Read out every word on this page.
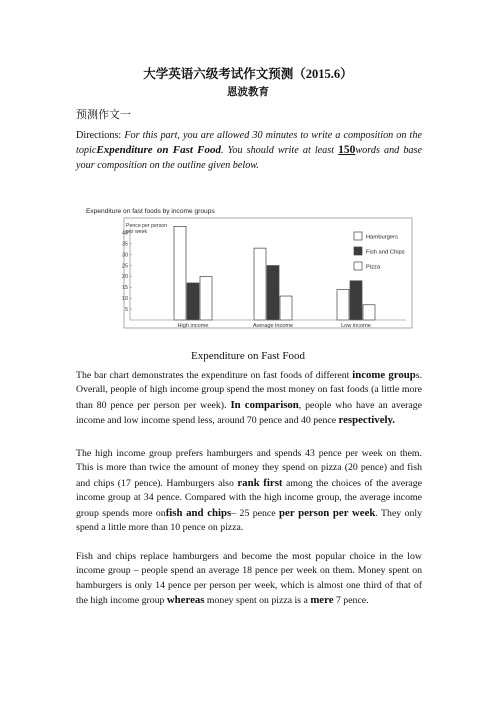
大学英语六级考试作文预测（2015.6）
恩波教育
预测作文一
Directions: For this part, you are allowed 30 minutes to write a composition on the topicExpenditure on Fast Food. You should write at least 150words and base your composition on the outline given below.
Expenditure on fast foods by income groups
Pence per person
per week
5
10
15
20
25
30
35
40
High income	Average income	Low income
Hamburgers
Fish and Chips
Pizza
Expenditure on Fast Food
The bar chart demonstrates the expenditure on fast foods of different income groups. Overall, people of high income group spend the most money on fast foods (a little more than 80 pence per person per week). In comparison, people who have an average income and low income spend less, around 70 pence and 40 pence respectively.
The high income group prefers hamburgers and spends 43 pence per week on them. This is more than twice the amount of money they spend on pizza (20 pence) and fish and chips (17 pence). Hamburgers also rank first among the choices of the average income group at 34 pence. Compared with the high income group, the average income group spends more onfish and chips– 25 pence per person per week. They only spend a little more than 10 pence on pizza.
Fish and chips replace hamburgers and become the most popular choice in the low income group – people spend an average 18 pence per week on them. Money spent on hamburgers is only 14 pence per person per week, which is almost one third of that of the high income group whereas money spent on pizza is a mere 7 pence.
